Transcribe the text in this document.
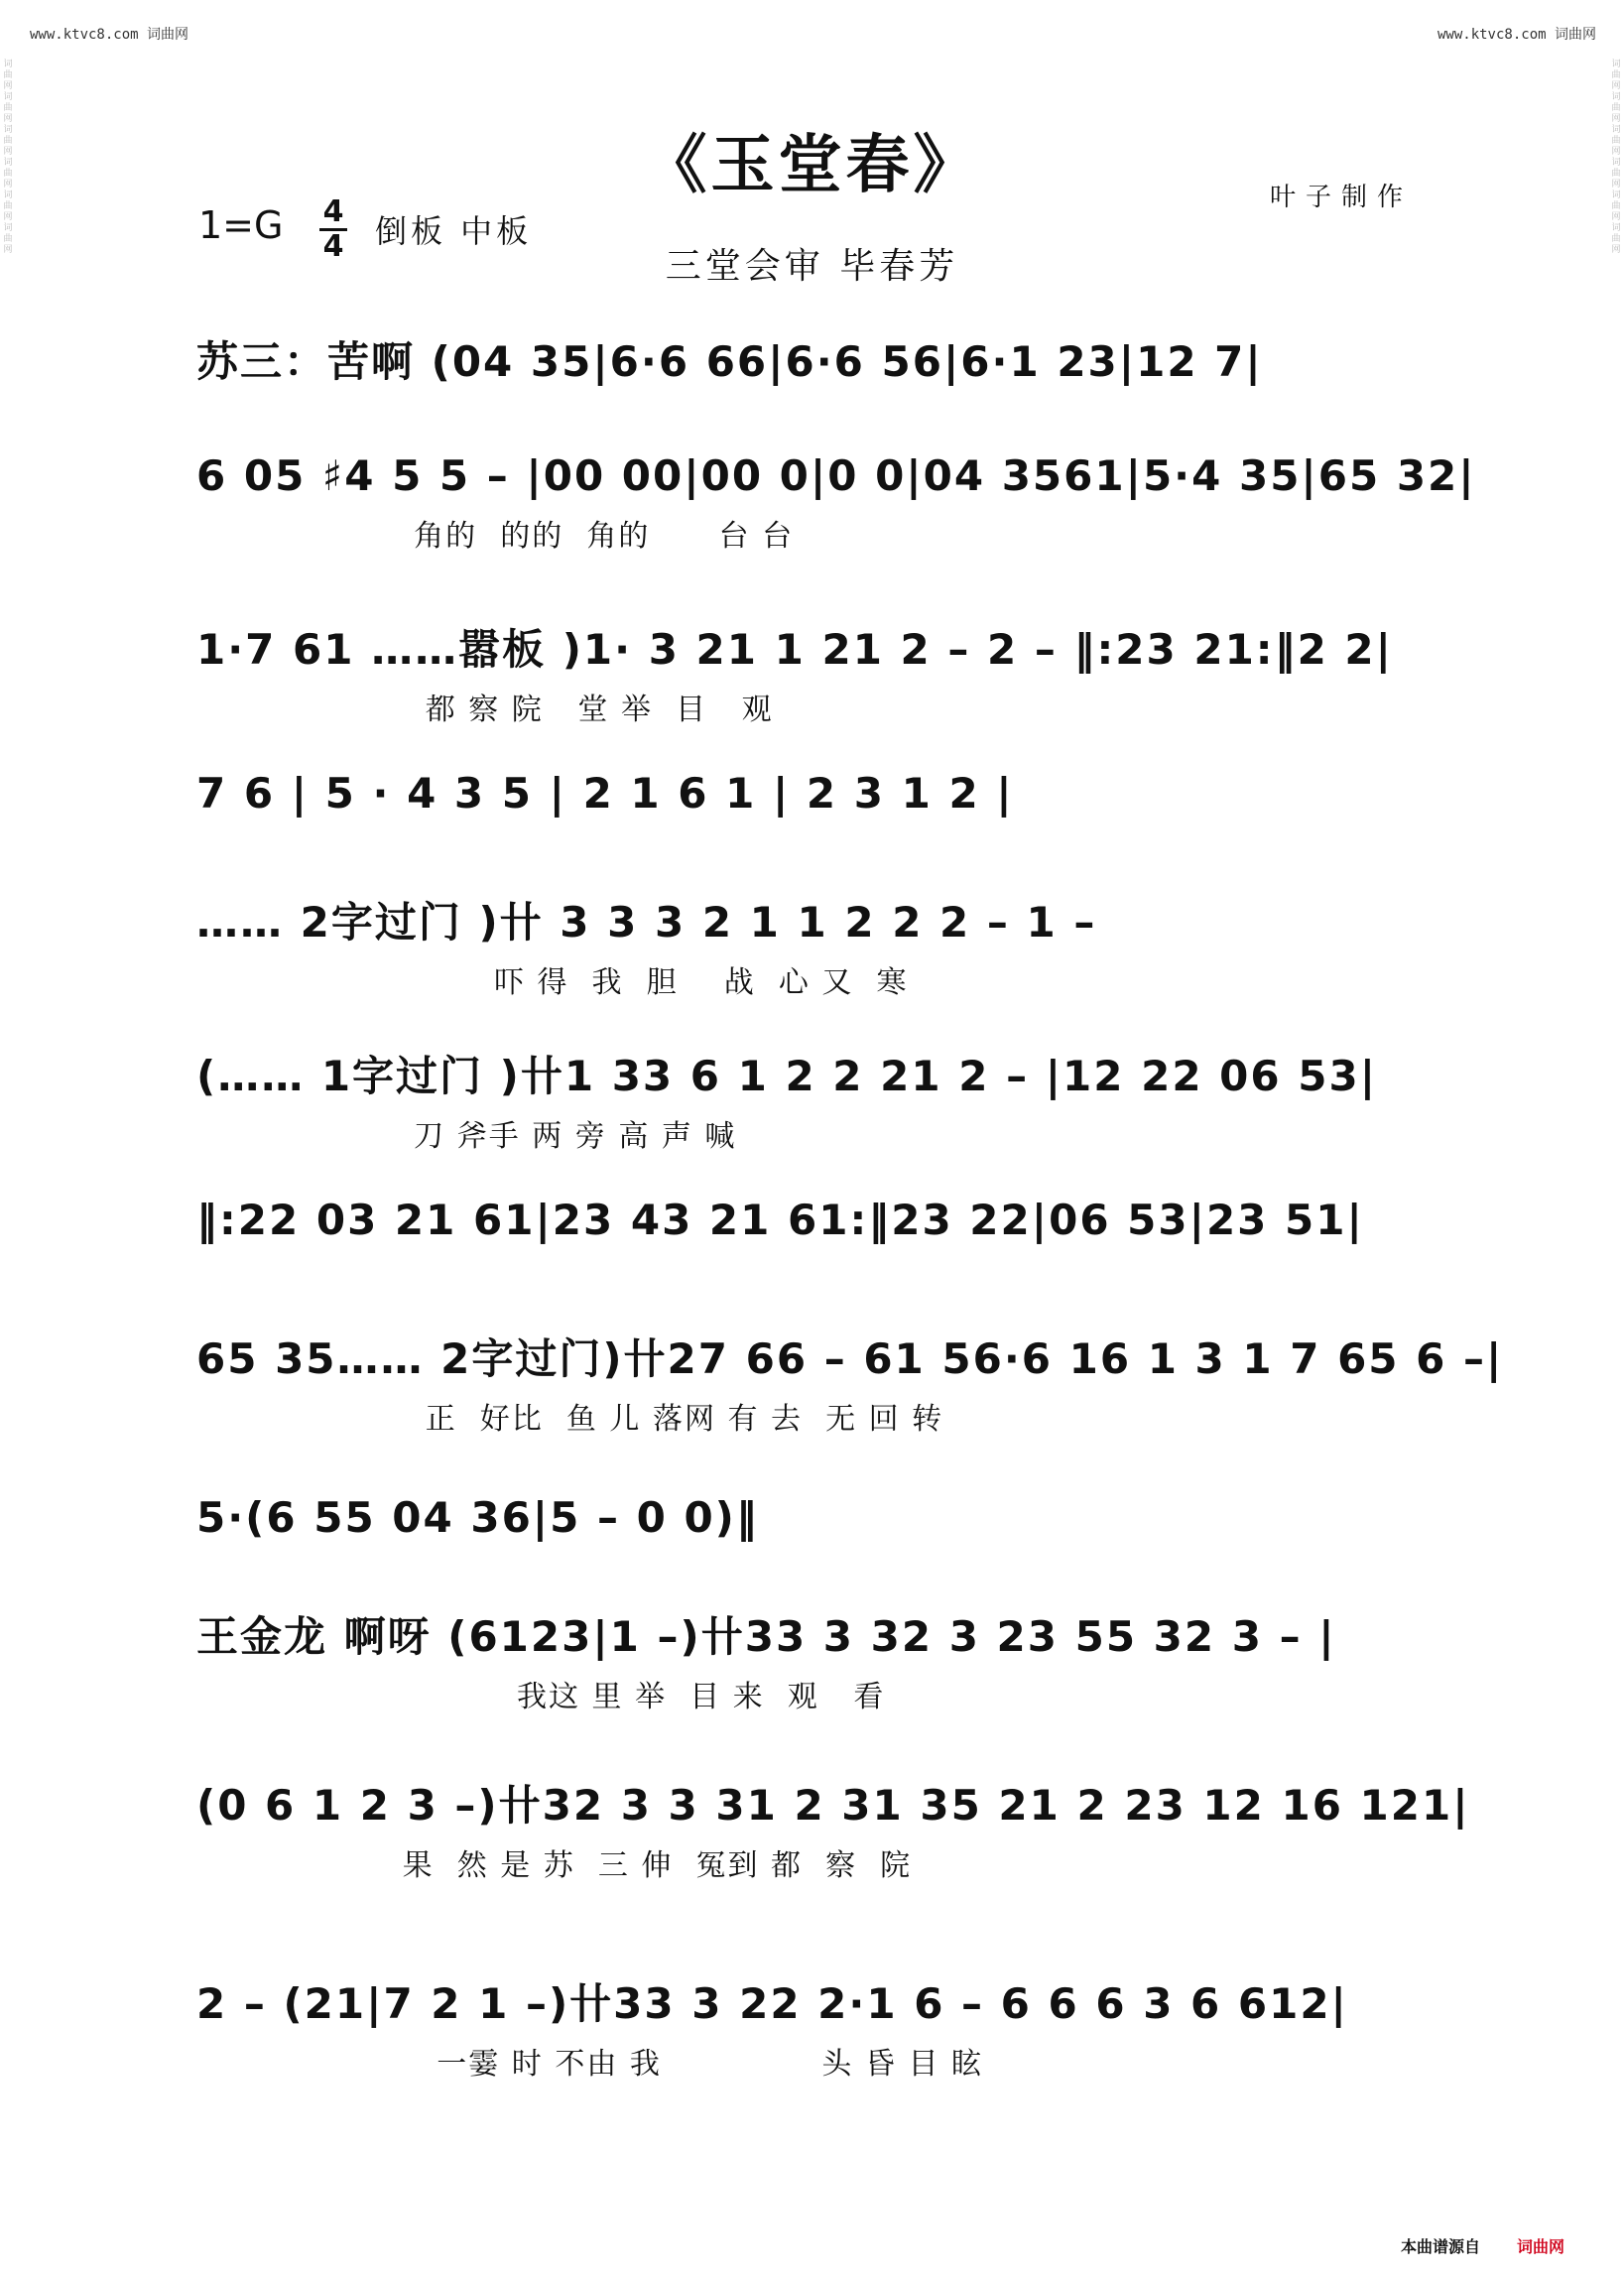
www.ktvc8.com 词曲网	www.ktvc8.com 词曲网
词曲网
词曲网
词曲网
词曲网
词曲网
词曲网
词曲网
词曲网
词曲网
词曲网
词曲网
词曲网
《玉堂春》	叶子制作
1=G 4
4 倒板 中板
三堂会审 毕春芳
苏三：苦啊 (04 35|6·6 66|6·6 56|6·1 23|12 7|
6 05 ♯4 5 5 – |00 00|00 0|0 0|04 3561|5·4 35|65 32|
角的  的的  角的      台 台
1·7 61 ……嚣板 )1· 3 21 1 21 2 – 2 – ‖:23 21:‖2 2|
都 察 院   堂 举  目   观
7 6 | 5 · 4 3 5 | 2 1 6 1 | 2 3 1 2 |
…… 2字过门 )卄 3 3 3 2 1 1 2 2 2 – 1 –
吓 得  我  胆    战  心 又  寒
(…… 1字过门 )卄1 33 6 1 2 2 21 2 – |12 22 06 53|
刀 斧手 两 旁 高 声 喊
‖:22 03 21 61|23 43 21 61:‖23 22|06 53|23 51|
65 35…… 2字过门)卄27 66 – 61 56·6 16 1 3 1 7 65 6 –|
正  好比  鱼 儿 落网 有 去  无 回 转
5·(6 55 04 36|5 – 0 0)‖
王金龙 啊呀 (6123|1 –)卄33 3 32 3 23 55 32 3 – |
我这 里 举  目 来  观   看
(0 6 1 2 3 –)卄32 3 3 31 2 31 35 21 2 23 12 16 121|
果  然 是 苏  三 伸  冤到 都  察  院
2 – (21|7 2 1 –)卄33 3 22 2·1 6 – 6 6 6 3 6 612|
一霎 时 不由 我              头 昏 目 眩
本曲谱源自 词曲网
